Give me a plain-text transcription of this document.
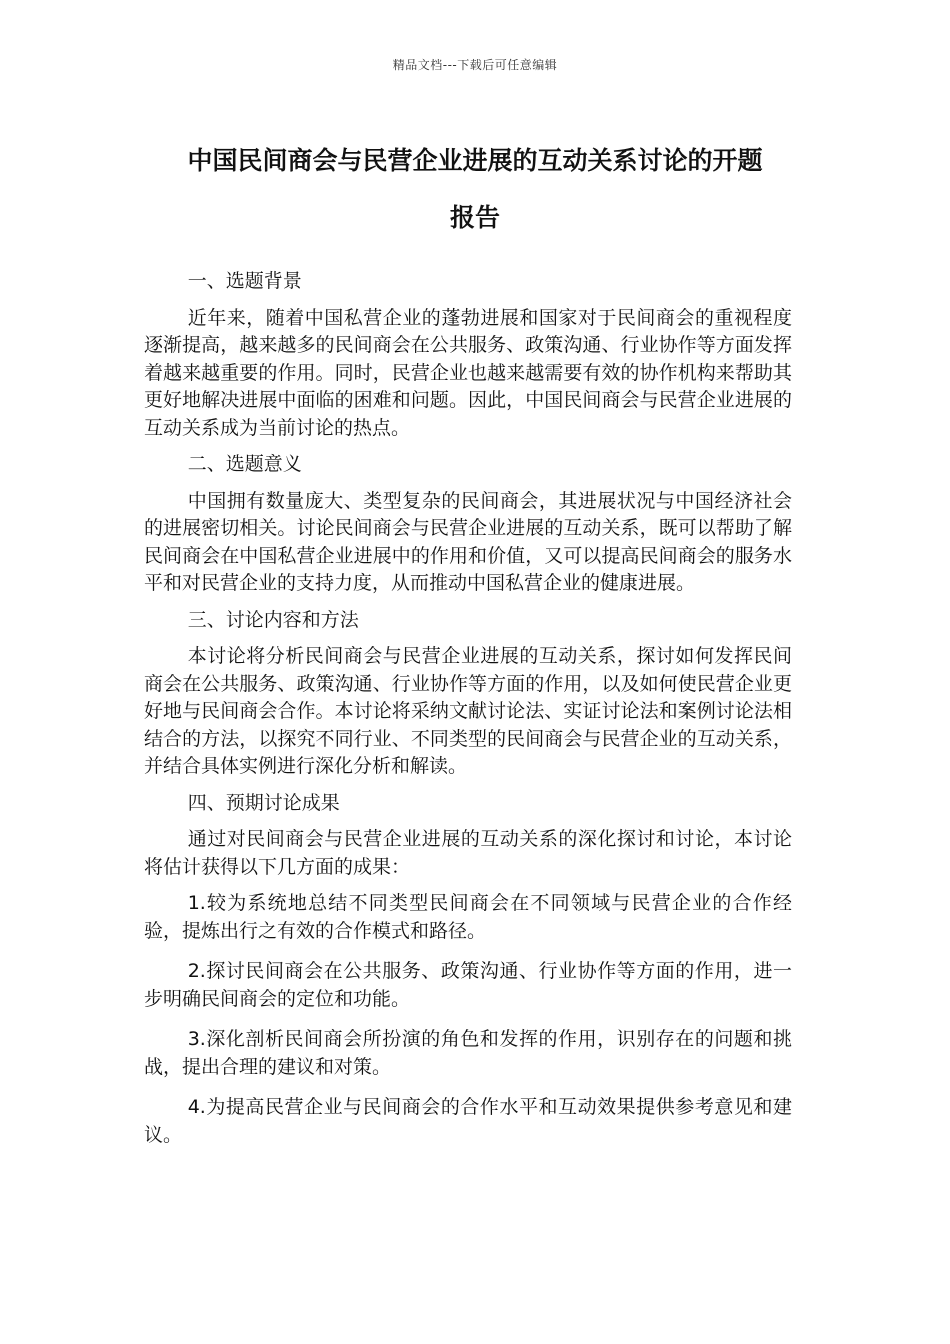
精品文档---下载后可任意编辑
中国民间商会与民营企业进展的互动关系讨论的开题
报告

一、选题背景

近年来，随着中国私营企业的蓬勃进展和国家对于民间商会的重视程度逐渐提高，越来越多的民间商会在公共服务、政策沟通、行业协作等方面发挥着越来越重要的作用。同时，民营企业也越来越需要有效的协作机构来帮助其更好地解决进展中面临的困难和问题。因此，中国民间商会与民营企业进展的互动关系成为当前讨论的热点。

二、选题意义

中国拥有数量庞大、类型复杂的民间商会，其进展状况与中国经济社会的进展密切相关。讨论民间商会与民营企业进展的互动关系，既可以帮助了解民间商会在中国私营企业进展中的作用和价值，又可以提高民间商会的服务水平和对民营企业的支持力度，从而推动中国私营企业的健康进展。

三、讨论内容和方法

本讨论将分析民间商会与民营企业进展的互动关系，探讨如何发挥民间商会在公共服务、政策沟通、行业协作等方面的作用，以及如何使民营企业更好地与民间商会合作。本讨论将采纳文献讨论法、实证讨论法和案例讨论法相结合的方法，以探究不同行业、不同类型的民间商会与民营企业的互动关系，并结合具体实例进行深化分析和解读。

四、预期讨论成果

通过对民间商会与民营企业进展的互动关系的深化探讨和讨论，本讨论将估计获得以下几方面的成果：

1.较为系统地总结不同类型民间商会在不同领域与民营企业的合作经验，提炼出行之有效的合作模式和路径。

2.探讨民间商会在公共服务、政策沟通、行业协作等方面的作用，进一步明确民间商会的定位和功能。

3.深化剖析民间商会所扮演的角色和发挥的作用，识别存在的问题和挑战，提出合理的建议和对策。

4.为提高民营企业与民间商会的合作水平和互动效果提供参考意见和建议。
